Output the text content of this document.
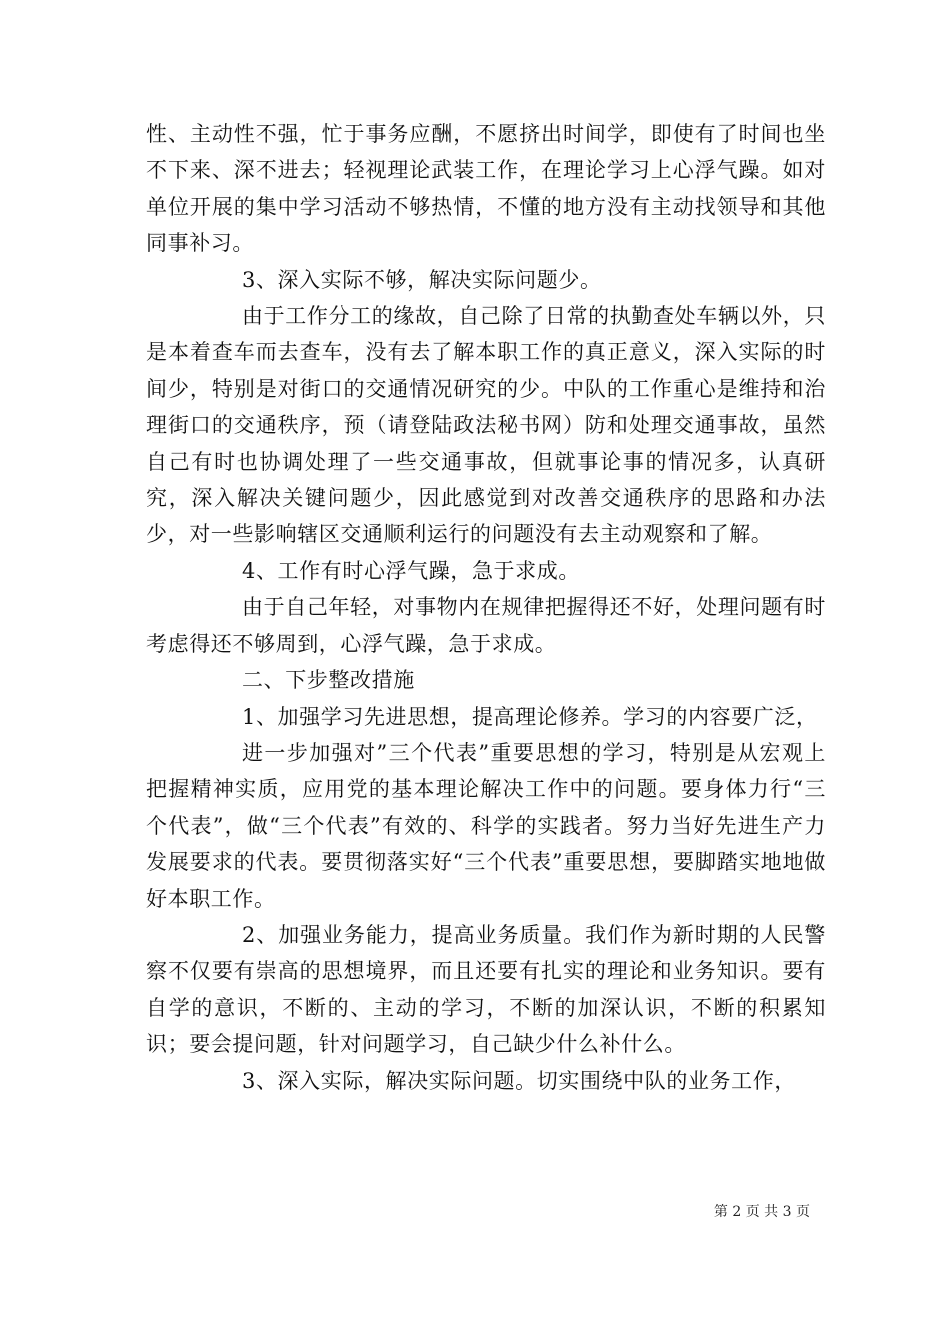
性、主动性不强，忙于事务应酬，不愿挤出时间学，即使有了时间也坐不下来、深不进去；轻视理论武装工作，在理论学习上心浮气躁。如对单位开展的集中学习活动不够热情，不懂的地方没有主动找领导和其他同事补习。

3、深入实际不够，解决实际问题少。

由于工作分工的缘故，自己除了日常的执勤查处车辆以外，只是本着查车而去查车，没有去了解本职工作的真正意义，深入实际的时间少，特别是对街口的交通情况研究的少。中队的工作重心是维持和治理街口的交通秩序，预（请登陆政法秘书网）防和处理交通事故，虽然自己有时也协调处理了一些交通事故，但就事论事的情况多，认真研究，深入解决关键问题少，因此感觉到对改善交通秩序的思路和办法少，对一些影响辖区交通顺利运行的问题没有去主动观察和了解。

4、工作有时心浮气躁，急于求成。

由于自己年轻，对事物内在规律把握得还不好，处理问题有时考虑得还不够周到，心浮气躁，急于求成。

二、下步整改措施

1、加强学习先进思想，提高理论修养。学习的内容要广泛，

进一步加强对”三个代表”重要思想的学习，特别是从宏观上把握精神实质，应用党的基本理论解决工作中的问题。要身体力行“三个代表”，做“三个代表”有效的、科学的实践者。努力当好先进生产力发展要求的代表。要贯彻落实好“三个代表”重要思想，要脚踏实地地做好本职工作。

2、加强业务能力，提高业务质量。我们作为新时期的人民警察不仅要有崇高的思想境界，而且还要有扎实的理论和业务知识。要有自学的意识，不断的、主动的学习，不断的加深认识，不断的积累知识；要会提问题，针对问题学习，自己缺少什么补什么。

3、深入实际，解决实际问题。切实围绕中队的业务工作，

第 2 页 共 3 页
